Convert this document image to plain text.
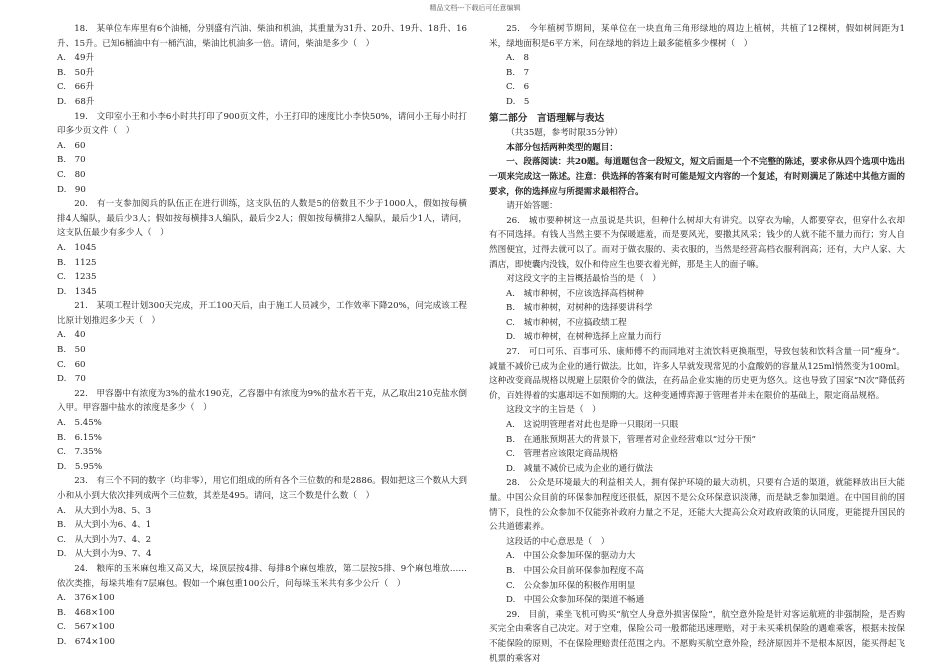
精品文档---下载后可任意编辑

18.　某单位车库里有6个油桶，分别盛有汽油、柴油和机油，其重量为31升、20升、19升、18升、16升、15升。已知6桶油中有一桶汽油，柴油比机油多一倍。请问，柴油是多少（　）

A.　49升

B.　50升

C.　66升

D.　68升

19.　文印室小王和小李6小时共打印了900页文件，小王打印的速度比小李快50%，请问小王每小时打印多少页文件（　）

A.　60

B.　70

C.　80

D.　90

20.　有一支参加阅兵的队伍正在进行训练，这支队伍的人数是5的倍数且不少于1000人，假如按每横排4人编队，最后少3人；假如按每横排3人编队，最后少2人；假如按每横排2人编队，最后少1人，请问，这支队伍最少有多少人（　）

A.　1045

B.　1125

C.　1235

D.　1345

21.　某项工程计划300天完成，开工100天后，由于施工人员减少，工作效率下降20%，问完成该工程比原计划推迟多少天（　）

A.　40

B.　50

C.　60

D.　70

22.　甲容器中有浓度为3%的盐水190克，乙容器中有浓度为9%的盐水若干克，从乙取出210克盐水倒入甲。甲容器中盐水的浓度是多少（　）

A.　5.45%

B.　6.15%

C.　7.35%

D.　5.95%

23.　有三个不同的数字（均非零），用它们组成的所有各个三位数的和是2886。假如把这三个数从大到小和从小到大依次排列成两个三位数，其差是495。请问，这三个数是什么数（　）

A.　从大到小为8、5、3

B.　从大到小为6、4、1

C.　从大到小为7、4、2

D.　从大到小为9、7、4

24.　粮库的玉米麻包堆又高又大，垛顶层按4排、每排8个麻包堆放，第二层按5排、9个麻包堆放……依次类推，每垛共堆有7层麻包。假如一个麻包重100公斤，问每垛玉米共有多少公斤（　）

A.　376×100

B.　468×100

C.　567×100

D.　674×100

25.　今年植树节期间，某单位在一块直角三角形绿地的周边上植树，共植了12棵树，假如树间距为1米，绿地面积是6平方米，问在绿地的斜边上最多能植多少棵树（　）

A.　8

B.　7

C.　6

D.　5

第二部分　言语理解与表达

（共35题，参考时限35分钟）

本部分包括两种类型的题目：

一、段落阅读：共20题。每道题包含一段短文，短文后面是一个不完整的陈述，要求你从四个选项中选出一项来完成这一陈述。注意：供选择的答案有时可能是短文内容的一个复述，有时则满足了陈述中其他方面的要求，你的选择应与所提需求最相符合。

请开始答题：

26.　城市要种树这一点虽说是共识，但种什么树却大有讲究。以穿衣为喻，人都要穿衣，但穿什么衣却有不同选择。有钱人当然主要不为保暖遮羞，而是要风光，要撒其风采；钱少的人就不能不量力而行；穷人自然图便宜，过得去就可以了。而对于做衣服的、卖衣服的，当然是经营高档衣服利润高；还有，大户人家、大酒店，即使囊内没钱，奴仆和侍应生也要衣着光鲜，那是主人的面子嘛。

对这段文字的主旨概括最恰当的是（　）

A.　城市种树，不应该选择高档树种

B.　城市种树，对树种的选择要讲科学

C.　城市种树，不应搞政绩工程

D.　城市种树，在树种选择上应量力而行

27.　可口可乐、百事可乐、康师傅不约而同地对主流饮料更换瓶型，导致包装和饮料含量一同“瘦身”。减量不减价已成为企业的通行做法。比如，许多人早就发现常见的小盒酸奶的容量从125ml悄然变为100ml。这种改变商品规格以规避上层限价令的做法，在药品企业实施的历史更为悠久。这也导致了国家“N次”降低药价，百姓得着的实惠却远不如预期的大。这种变通博弈源于管理者并未在限价的基础上，限定商品规格。

这段文字的主旨是（　）

A.　这说明管理者对此也是睁一只眼闭一只眼

B.　在通胀预期甚大的背景下，管理者对企业经营难以“过分干预”

C.　管理者应该限定商品规格

D.　减量不减价已成为企业的通行做法

28.　公众是环境最大的利益相关人，拥有保护环境的最大动机，只要有合适的渠道，就能释放出巨大能量。中国公众目前的环保参加程度还很低，原因不是公众环保意识淡薄，而是缺乏参加渠道。在中国目前的国情下，良性的公众参加不仅能弥补政府力量之不足，还能大大提高公众对政府政策的认同度，更能提升国民的公共道德素养。

这段话的中心意思是（　）

A.　中国公众参加环保的驱动力大

B.　中国公众目前环保参加程度不高

C.　公众参加环保的积极作用明显

D.　中国公众参加环保的渠道不畅通

29.　目前，乘坐飞机可购买“航空人身意外损害保险”，航空意外险是针对客运航班的非强制险，是否购买完全由乘客自己决定。对于空难，保险公司一般都能迅速理赔，对于未买乘机保险的遇难乘客，根据未按保不能保险的原则，不在保险理赔责任范围之内。不愿购买航空意外险，经济原因并不是根本原因，能买得起飞机票的乘客对
